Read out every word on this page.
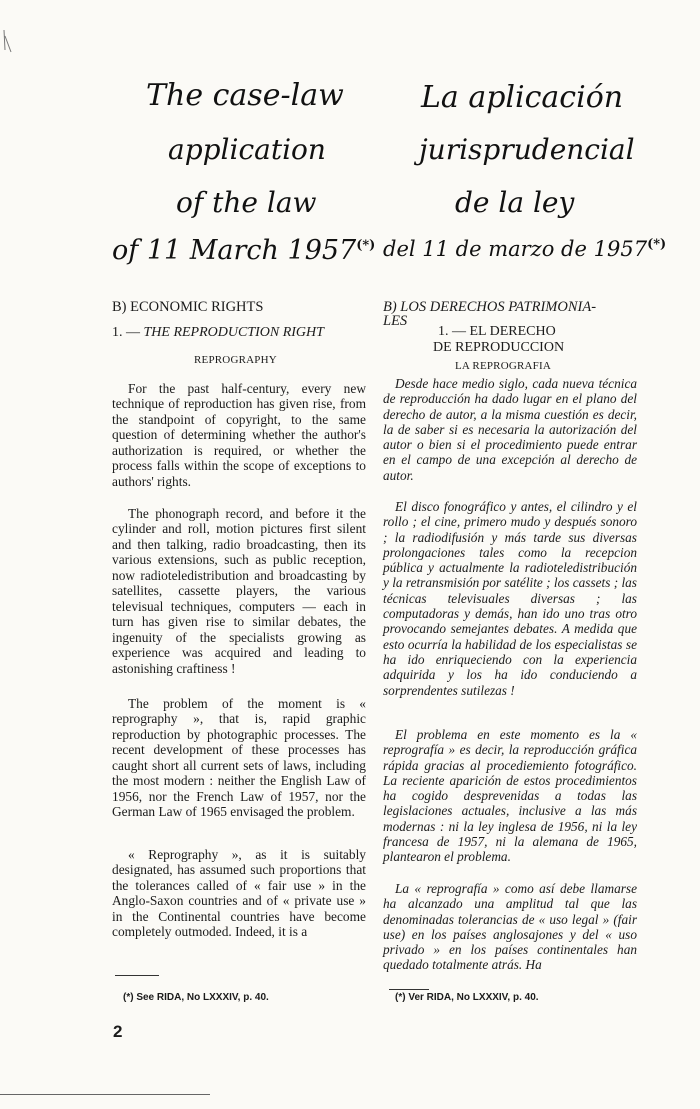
The case-law
application
of the law
of 11 March 1957(*)
B) ECONOMIC RIGHTS
1. — THE REPRODUCTION RIGHT
REPROGRAPHY

For the past half-century, every new technique of reproduction has given rise, from the standpoint of copyright, to the same question of determining whether the author's authorization is required, or whether the process falls within the scope of exceptions to authors' rights.

The phonograph record, and before it the cylinder and roll, motion pictures first silent and then talking, radio broadcasting, then its various extensions, such as public reception, now radioteledistribution and broadcasting by satellites, cassette players, the various televisual techniques, computers — each in turn has given rise to similar debates, the ingenuity of the specialists growing as experience was acquired and leading to astonishing craftiness !

The problem of the moment is « reprography », that is, rapid graphic reproduction by photographic processes. The recent development of these processes has caught short all current sets of laws, including the most modern : neither the English Law of 1956, nor the French Law of 1957, nor the German Law of 1965 envisaged the problem.

« Reprography », as it is suitably designated, has assumed such proportions that the tolerances called of « fair use » in the Anglo-Saxon countries and of « private use » in the Continental countries have become completely outmoded. Indeed, it is a

(*) See RIDA, No LXXXIV, p. 40.
La aplicación
jurisprudencial
de la ley
del 11 de marzo de 1957(*)
B) LOS DERECHOS PATRIMONIA-
LES
1. — EL DERECHO
DE REPRODUCCION
LA REPROGRAFIA

Desde hace medio siglo, cada nueva técnica de reproducción ha dado lugar en el plano del derecho de autor, a la misma cuestión es decir, la de saber si es necesaria la autorización del autor o bien si el procedimiento puede entrar en el campo de una excepción al derecho de autor.

El disco fonográfico y antes, el cilindro y el rollo ; el cine, primero mudo y después sonoro ; la radiodifusión y más tarde sus diversas prolongaciones tales como la recepcion pública y actualmente la radioteledistribución y la retransmisión por satélite ; los cassets ; las técnicas televisuales diversas ; las computadoras y demás, han ido uno tras otro provocando semejantes debates. A medida que esto ocurría la habilidad de los especialistas se ha ido enriqueciendo con la experiencia adquirida y los ha ido conduciendo a sorprendentes sutilezas !

El problema en este momento es la « reprografía » es decir, la reproducción gráfica rápida gracias al procediemiento fotográfico. La reciente aparición de estos procedimientos ha cogido desprevenidas a todas las legislaciones actuales, inclusive a las más modernas : ni la ley inglesa de 1956, ni la ley francesa de 1957, ni la alemana de 1965, plantearon el problema.

La « reprografía » como así debe llamarse ha alcanzado una amplitud tal que las denominadas tolerancias de « uso legal » (fair use) en los países anglosajones y del « uso privado » en los países continentales han quedado totalmente atrás. Ha

(*) Ver RIDA, No LXXXIV, p. 40.
2
